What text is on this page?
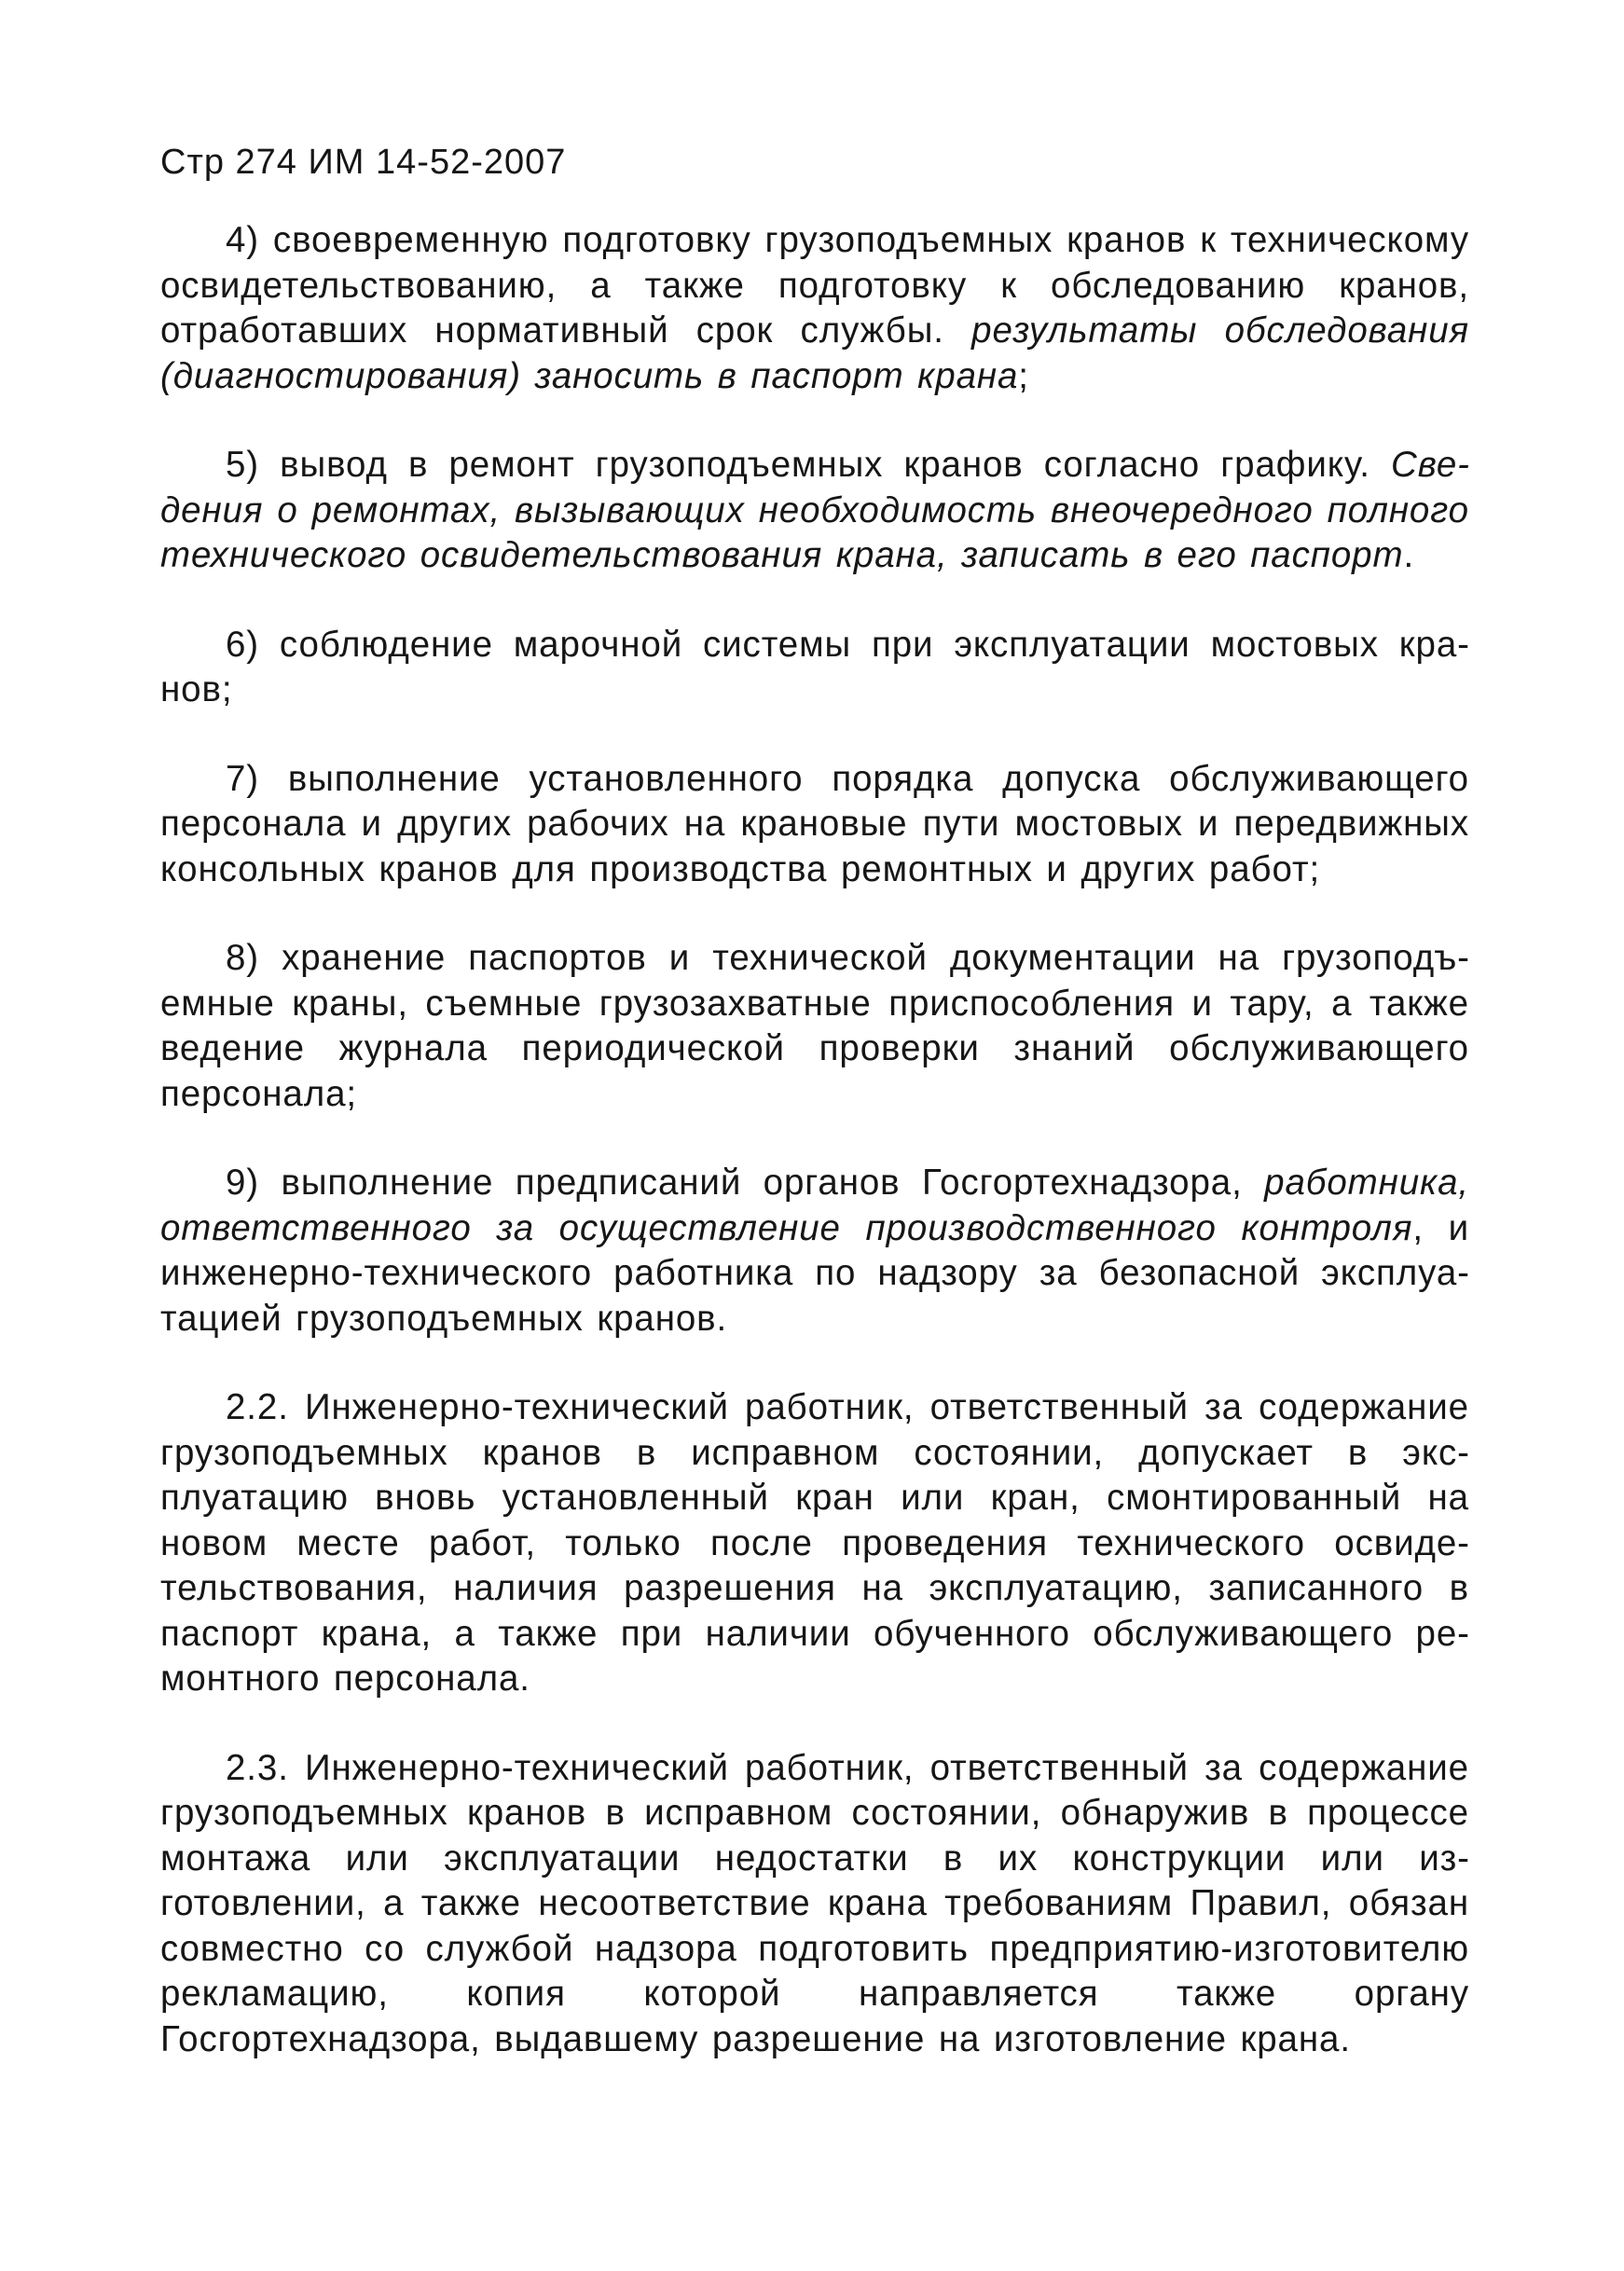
Стр 274 ИМ 14-52-2007

4) своевременную подготовку грузоподъемных кранов к техническому освидетельствованию, а также подготовку к обследованию кранов, отработавших нормативный срок службы. результаты обследования (диагностирования) заносить в паспорт крана;

5) вывод в ремонт грузоподъемных кранов согласно графику. Сведения о ремонтах, вызывающих необходимость внеочередного полного технического освидетельствования крана, записать в его паспорт.

6) соблюдение марочной системы при эксплуатации мостовых кранов;

7) выполнение установленного порядка допуска обслуживающего персонала и других рабочих на крановые пути мостовых и передвижных консольных кранов для производства ремонтных и других работ;

8) хранение паспортов и технической документации на грузоподъемные краны, съемные грузозахватные приспособления и тару, а также ведение журнала периодической проверки знаний обслуживающего персонала;

9) выполнение предписаний органов Госгортехнадзора, работника, ответственного за осуществление производственного контроля, и инженерно-технического работника по надзору за безопасной эксплуатацией грузоподъемных кранов.

2.2. Инженерно-технический работник, ответственный за содержание грузоподъемных кранов в исправном состоянии, допускает в эксплуатацию вновь установленный кран или кран, смонтированный на новом месте работ, только после проведения технического освидетельствования, наличия разрешения на эксплуатацию, записанного в паспорт крана, а также при наличии обученного обслуживающего ремонтного персонала.

2.3. Инженерно-технический работник, ответственный за содержание грузоподъемных кранов в исправном состоянии, обнаружив в процессе монтажа или эксплуатации недостатки в их конструкции или изготовлении, а также несоответствие крана требованиям Правил, обязан совместно со службой надзора подготовить предприятию-изготовителю рекламацию, копия которой направляется также органу Госгортехнадзора, выдавшему разрешение на изготовление крана.
